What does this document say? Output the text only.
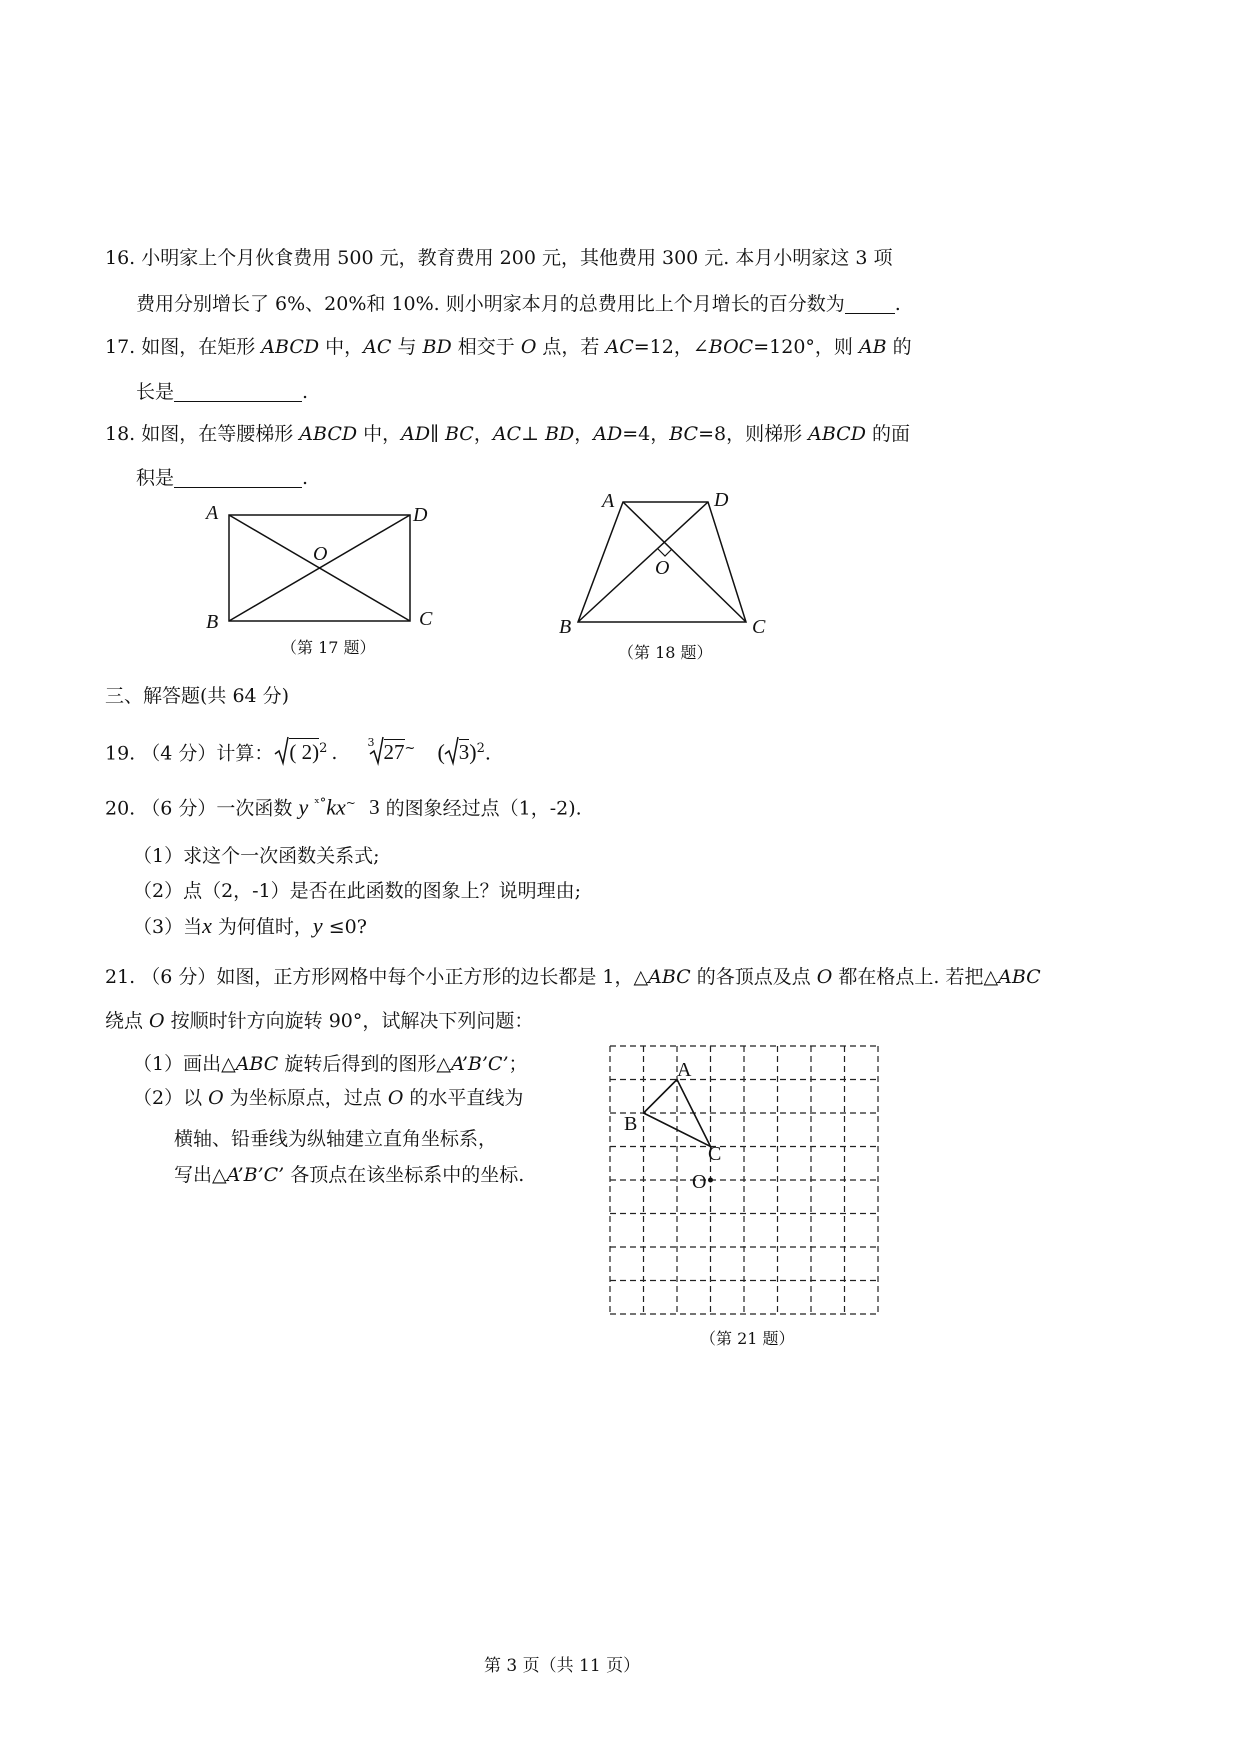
16. 小明家上个月伙食费用 500 元，教育费用 200 元，其他费用 300 元. 本月小明家这 3 项
费用分别增长了 6%、20%和 10%. 则小明家本月的总费用比上个月增长的百分数为	.
17. 如图，在矩形 ABCD 中，AC 与 BD 相交于 O 点，若 AC=12，∠BOC=120°，则 AB 的
长是	.
18. 如图，在等腰梯形 ABCD 中，AD∥ BC，AC⊥ BD，AD=4，BC=8，则梯形 ABCD 的面
积是	.
A	D
O
B	C
（第 17 题）
A	D
O
B	C
（第 18 题）
三、解答题(共 64 分)
19. （4 分）计算： ( 2)$^2$ .	3 27~ ( 3)$^2$.
20. （6 分）一次函数 y $^{ˣ^\circ}$kx~ 3 的图象经过点（1，-2).
（1）求这个一次函数关系式;
（2）点（2，-1）是否在此函数的图象上？说明理由;
（3）当x 为何值时，y ≤0?
21. （6 分）如图，正方形网格中每个小正方形的边长都是 1，△ABC 的各顶点及点 O 都在格点上. 若把△ABC
绕点 O 按顺时针方向旋转 90°，试解决下列问题：
（1）画出△ABC 旋转后得到的图形△A’B’C’；
（2）以 O 为坐标原点，过点 O 的水平直线为
横轴、铅垂线为纵轴建立直角坐标系，
写出△A’B’C’ 各顶点在该坐标系中的坐标.
A
B
C
O
（第 21 题）
第 3 页（共 11 页）
